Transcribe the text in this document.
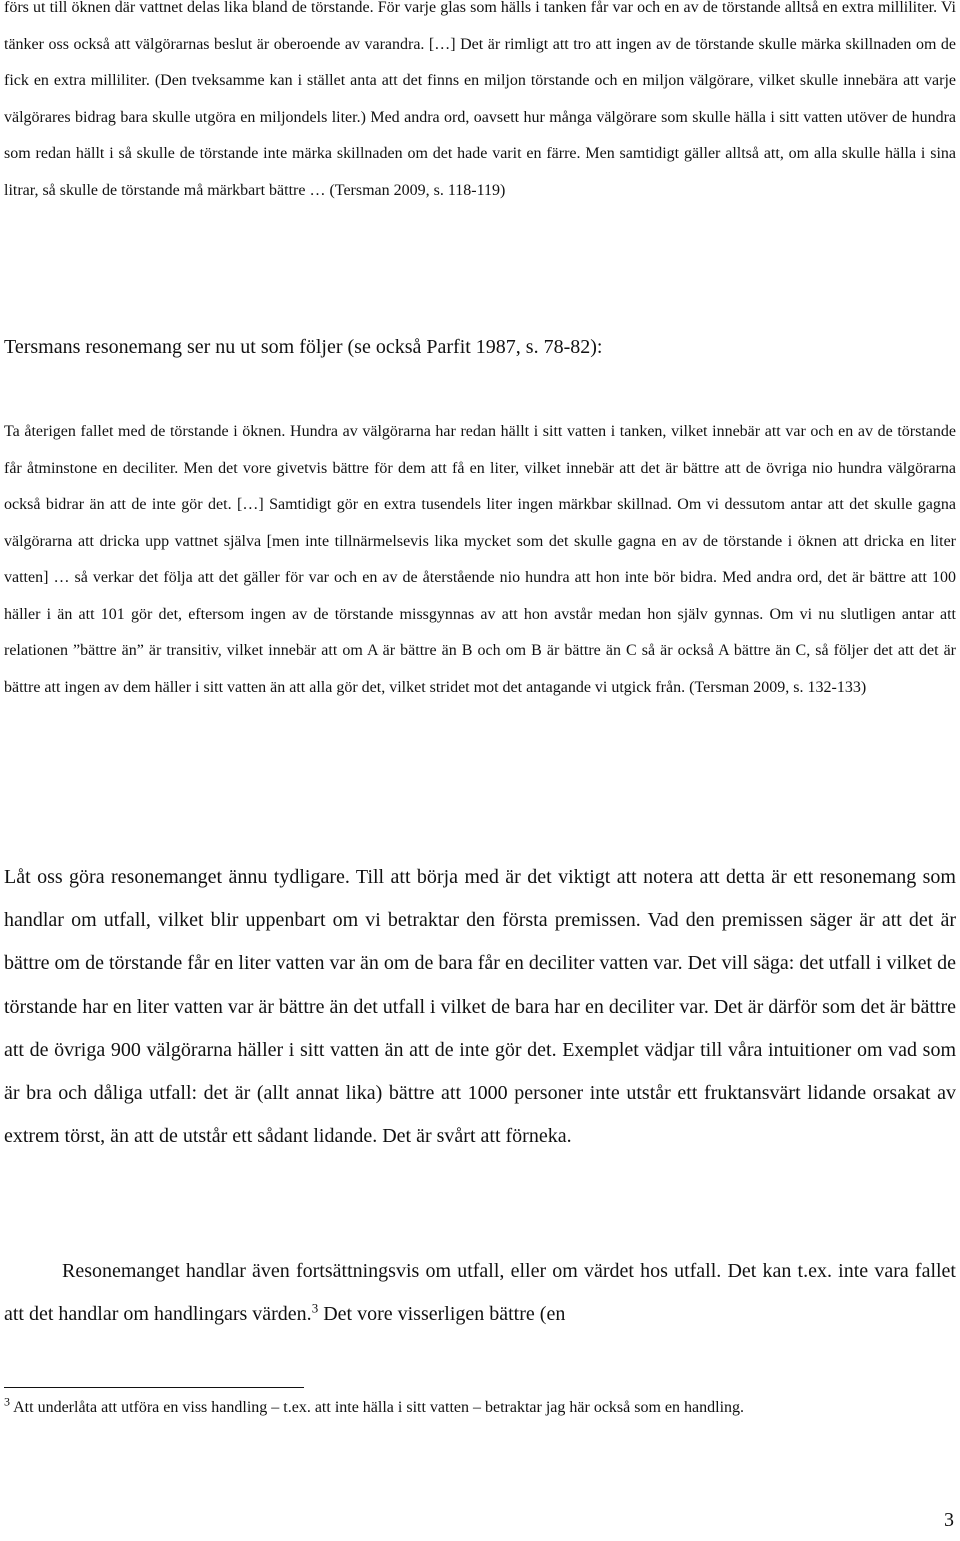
förs ut till öknen där vattnet delas lika bland de törstande. För varje glas som hälls i tanken får var och en av de törstande alltså en extra milliliter. Vi tänker oss också att välgörarnas beslut är oberoende av varandra. […] Det är rimligt att tro att ingen av de törstande skulle märka skillnaden om de fick en extra milliliter. (Den tveksamme kan i stället anta att det finns en miljon törstande och en miljon välgörare, vilket skulle innebära att varje välgörares bidrag bara skulle utgöra en miljondels liter.) Med andra ord, oavsett hur många välgörare som skulle hälla i sitt vatten utöver de hundra som redan hällt i så skulle de törstande inte märka skillnaden om det hade varit en färre. Men samtidigt gäller alltså att, om alla skulle hälla i sina litrar, så skulle de törstande må märkbart bättre … (Tersman 2009, s. 118-119)

Tersmans resonemang ser nu ut som följer (se också Parfit 1987, s. 78-82):

Ta återigen fallet med de törstande i öknen. Hundra av välgörarna har redan hällt i sitt vatten i tanken, vilket innebär att var och en av de törstande får åtminstone en deciliter. Men det vore givetvis bättre för dem att få en liter, vilket innebär att det är bättre att de övriga nio hundra välgörarna också bidrar än att de inte gör det. […] Samtidigt gör en extra tusendels liter ingen märkbar skillnad. Om vi dessutom antar att det skulle gagna välgörarna att dricka upp vattnet själva [men inte tillnärmelsevis lika mycket som det skulle gagna en av de törstande i öknen att dricka en liter vatten] … så verkar det följa att det gäller för var och en av de återstående nio hundra att hon inte bör bidra. Med andra ord, det är bättre att 100 häller i än att 101 gör det, eftersom ingen av de törstande missgynnas av att hon avstår medan hon själv gynnas. Om vi nu slutligen antar att relationen ”bättre än” är transitiv, vilket innebär att om A är bättre än B och om B är bättre än C så är också A bättre än C, så följer det att det är bättre att ingen av dem häller i sitt vatten än att alla gör det, vilket stridet mot det antagande vi utgick från. (Tersman 2009, s. 132-133)

Låt oss göra resonemanget ännu tydligare. Till att börja med är det viktigt att notera att detta är ett resonemang som handlar om utfall, vilket blir uppenbart om vi betraktar den första premissen. Vad den premissen säger är att det är bättre om de törstande får en liter vatten var än om de bara får en deciliter vatten var. Det vill säga: det utfall i vilket de törstande har en liter vatten var är bättre än det utfall i vilket de bara har en deciliter var. Det är därför som det är bättre att de övriga 900 välgörarna häller i sitt vatten än att de inte gör det. Exemplet vädjar till våra intuitioner om vad som är bra och dåliga utfall: det är (allt annat lika) bättre att 1000 personer inte utstår ett fruktansvärt lidande orsakat av extrem törst, än att de utstår ett sådant lidande. Det är svårt att förneka.

Resonemanget handlar även fortsättningsvis om utfall, eller om värdet hos utfall. Det kan t.ex. inte vara fallet att det handlar om handlingars värden.$^3$ Det vore visserligen bättre (en

$^3$ Att underlåta att utföra en viss handling – t.ex. att inte hälla i sitt vatten – betraktar jag här också som en handling.

3
